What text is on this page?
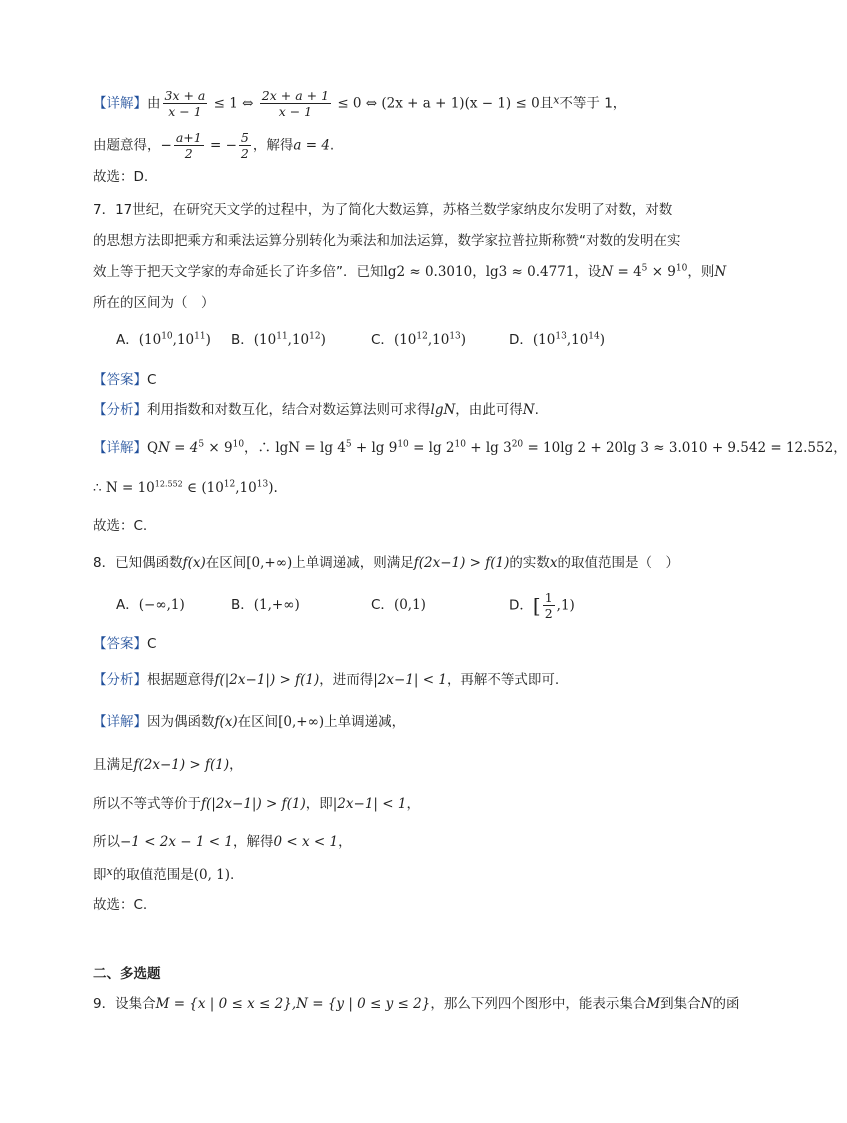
【详解】由 $\frac{3x + a}{x - 1} \le 1$ ⇔ $\frac{2x + a + 1}{x - 1} \le 0$ ⇔ (2x + a + 1)(x − 1) ≤ 0且$^x$不等于 1，
由题意得，− $\frac{a+1}{2}$ = − $\frac{5}{2}$ ，解得a = 4.
故选：D.
7．17世纪，在研究天文学的过程中，为了简化大数运算，苏格兰数学家纳皮尔发明了对数，对数
的思想方法即把乘方和乘法运算分别转化为乘法和加法运算，数学家拉普拉斯称赞“对数的发明在实
效上等于把天文学家的寿命延长了许多倍”．已知lg2 ≈ 0.3010，lg3 ≈ 0.4771，设$N = 4^5 \times 9^{10}$，则N
所在的区间为（　）
A．$(10^{10},10^{11})$ B．$(10^{11},10^{12})$	C．$(10^{12},10^{13})$	D．$(10^{13},10^{14})$
【答案】C
【分析】利用指数和对数互化，结合对数运算法则可求得lgN，由此可得N.
【详解】QN = $4^5 \times 9^{10}$，∴ $\lg N = \lg 4^5 + \lg 9^{10} = \lg 2^{10} + \lg 3^{20} = 10\lg$ 2 + 20lg 3 ≈ 3.010 + 9.542 = 12.552，
∴ $N = 10^{12.552}$ ∈ $(10^{12},10^{13})$.
故选：C.
8．已知偶函数f(x)在区间[0,+∞)上单调递减，则满足f(2x−1) > f(1)的实数x的取值范围是（　）
A．(−∞,1)	B．(1,+∞)	C．(0,1)	D．[ $\frac{1}{2} ,1$)
【答案】C
【分析】根据题意得f(|2x−1|) > f(1)，进而得|2x−1| < 1，再解不等式即可.
【详解】因为偶函数f(x)在区间[0,+∞)上单调递减，
且满足f(2x−1) > f(1)，
所以不等式等价于f(|2x−1|) > f(1)，即|2x−1| < 1，
所以−1 < 2x − 1 < 1，解得0 < x < 1，
即$^x$的取值范围是(0, 1).
故选：C.
二、多选题
9．设集合M = {x | 0 ≤ x ≤ 2},N = {y | 0 ≤ y ≤ 2}，那么下列四个图形中，能表示集合M到集合N的函
